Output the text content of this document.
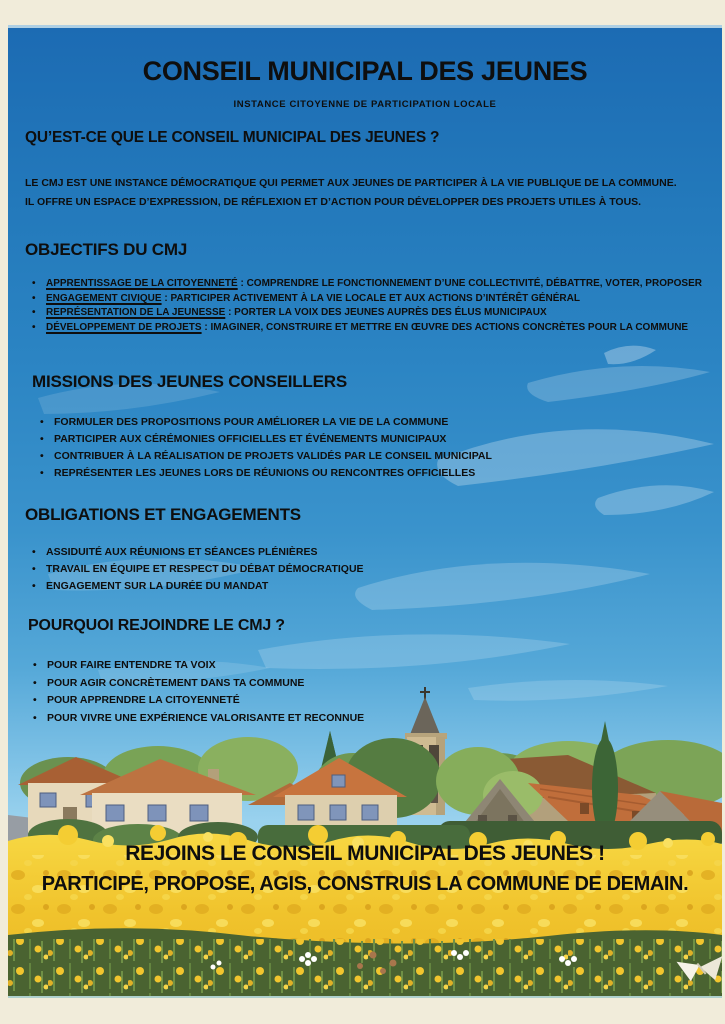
CONSEIL MUNICIPAL DES JEUNES
INSTANCE CITOYENNE DE PARTICIPATION LOCALE
QU’EST-CE QUE LE CONSEIL MUNICIPAL DES JEUNES ?
LE CMJ EST UNE INSTANCE DÉMOCRATIQUE QUI PERMET AUX JEUNES DE PARTICIPER À LA VIE PUBLIQUE DE LA COMMUNE.
IL OFFRE UN ESPACE D’EXPRESSION, DE RÉFLEXION ET D’ACTION POUR DÉVELOPPER DES PROJETS UTILES À TOUS.
OBJECTIFS DU CMJ
• APPRENTISSAGE DE LA CITOYENNETÉ : COMPRENDRE LE FONCTIONNEMENT D’UNE COLLECTIVITÉ, DÉBATTRE, VOTER, PROPOSER
• ENGAGEMENT CIVIQUE : PARTICIPER ACTIVEMENT À LA VIE LOCALE ET AUX ACTIONS D’INTÉRÊT GÉNÉRAL
• REPRÉSENTATION DE LA JEUNESSE : PORTER LA VOIX DES JEUNES AUPRÈS DES ÉLUS MUNICIPAUX
• DÉVELOPPEMENT DE PROJETS : IMAGINER, CONSTRUIRE ET METTRE EN ŒUVRE DES ACTIONS CONCRÈTES POUR LA COMMUNE
MISSIONS DES JEUNES CONSEILLERS
• FORMULER DES PROPOSITIONS POUR AMÉLIORER LA VIE DE LA COMMUNE
• PARTICIPER AUX CÉRÉMONIES OFFICIELLES ET ÉVÉNEMENTS MUNICIPAUX
• CONTRIBUER À LA RÉALISATION DE PROJETS VALIDÉS PAR LE CONSEIL MUNICIPAL
• REPRÉSENTER LES JEUNES LORS DE RÉUNIONS OU RENCONTRES OFFICIELLES
OBLIGATIONS ET ENGAGEMENTS
• ASSIDUITÉ AUX RÉUNIONS ET SÉANCES PLÉNIÈRES
• TRAVAIL EN ÉQUIPE ET RESPECT DU DÉBAT DÉMOCRATIQUE
• ENGAGEMENT SUR LA DURÉE DU MANDAT
POURQUOI REJOINDRE LE CMJ ?
• POUR FAIRE ENTENDRE TA VOIX
• POUR AGIR CONCRÈTEMENT DANS TA COMMUNE
• POUR APPRENDRE LA CITOYENNETÉ
• POUR VIVRE UNE EXPÉRIENCE VALORISANTE ET RECONNUE
REJOINS LE CONSEIL MUNICIPAL DES JEUNES !
PARTICIPE, PROPOSE, AGIS, CONSTRUIS LA COMMUNE DE DEMAIN.
